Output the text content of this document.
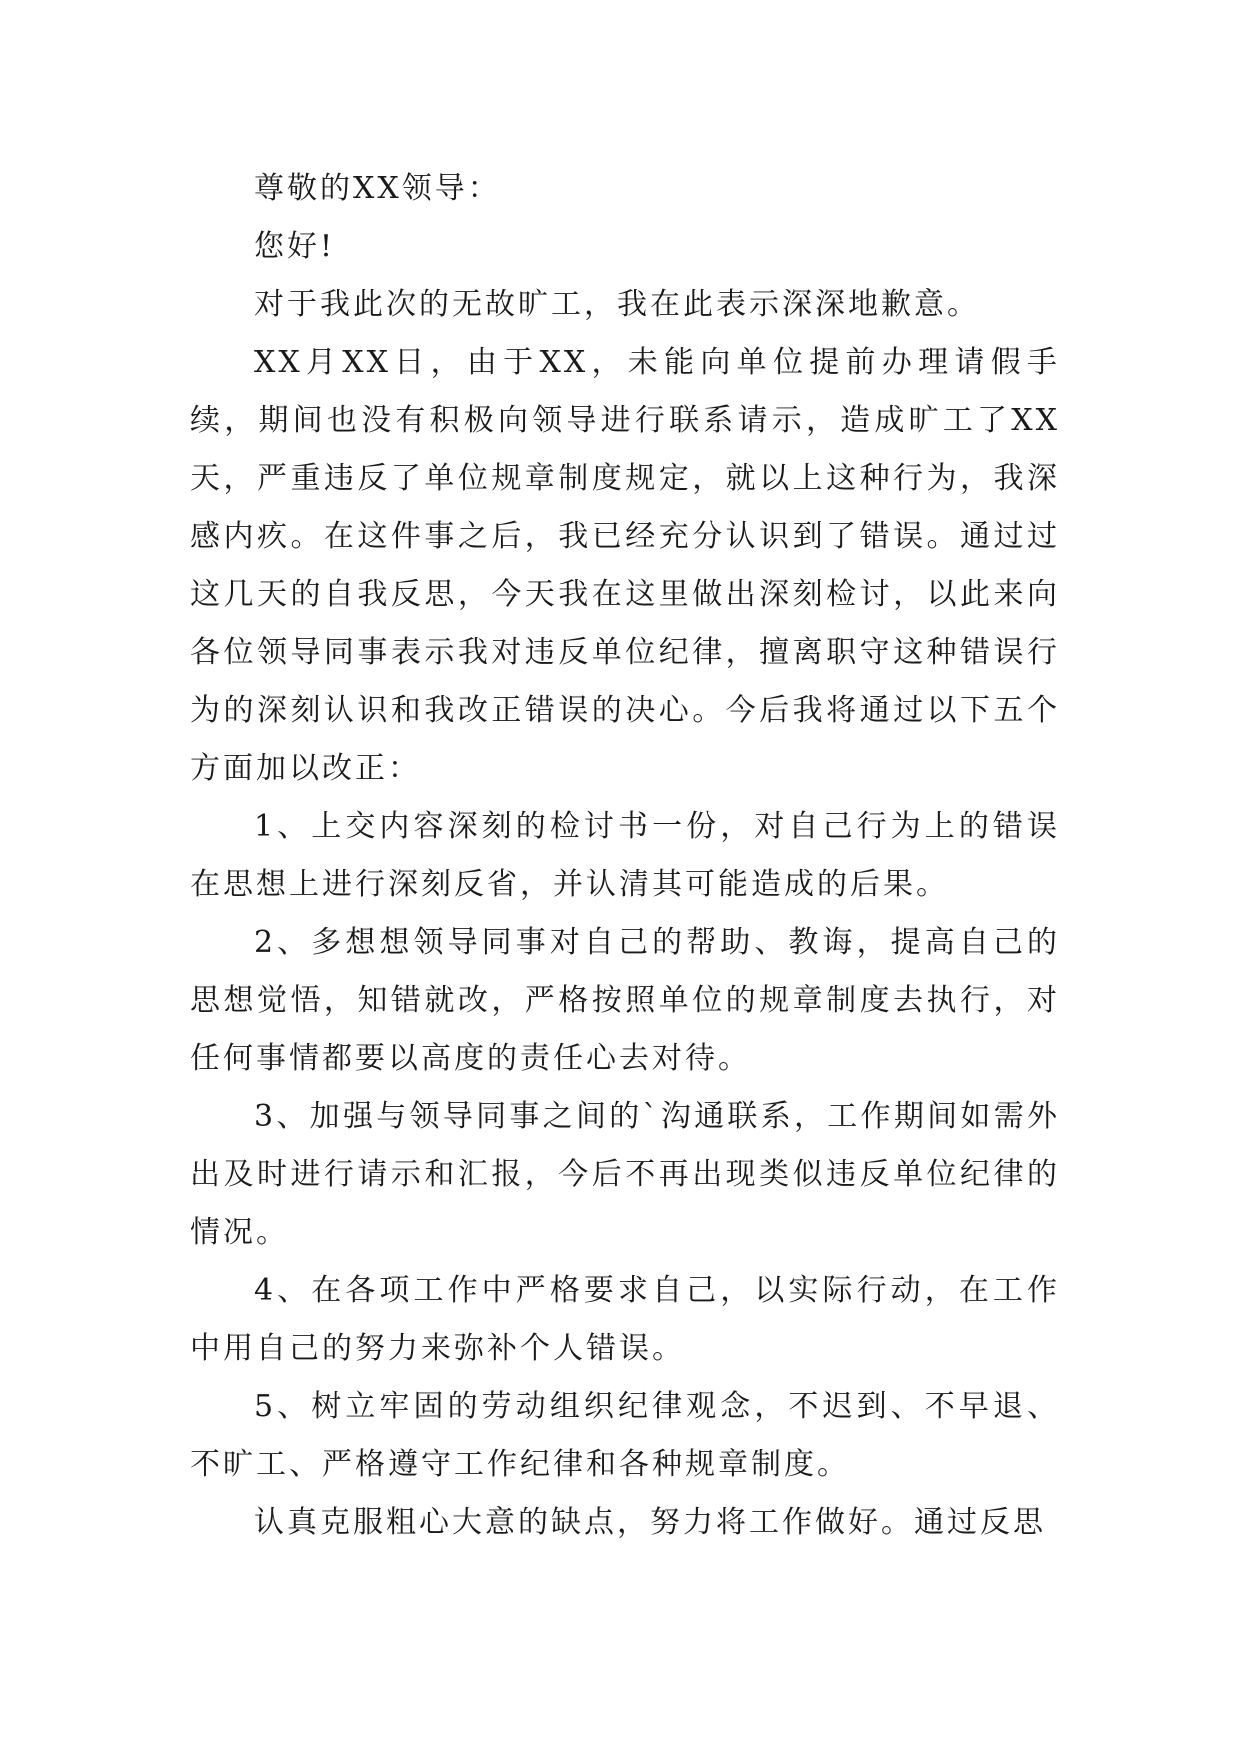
尊敬的XX领导：

您好!

对于我此次的无故旷工，我在此表示深深地歉意。

XX月XX日，由于XX，未能向单位提前办理请假手续，期间也没有积极向领导进行联系请示，造成旷工了XX天，严重违反了单位规章制度规定，就以上这种行为，我深感内疚。在这件事之后，我已经充分认识到了错误。通过过这几天的自我反思，今天我在这里做出深刻检讨，以此来向各位领导同事表示我对违反单位纪律，擅离职守这种错误行为的深刻认识和我改正错误的决心。今后我将通过以下五个方面加以改正：

1、上交内容深刻的检讨书一份，对自己行为上的错误在思想上进行深刻反省，并认清其可能造成的后果。

2、多想想领导同事对自己的帮助、教诲，提高自己的思想觉悟，知错就改，严格按照单位的规章制度去执行，对任何事情都要以高度的责任心去对待。

3、加强与领导同事之间的`沟通联系，工作期间如需外出及时进行请示和汇报，今后不再出现类似违反单位纪律的情况。

4、在各项工作中严格要求自己，以实际行动，在工作中用自己的努力来弥补个人错误。

5、树立牢固的劳动组织纪律观念，不迟到、不早退、不旷工、严格遵守工作纪律和各种规章制度。

认真克服粗心大意的缺点，努力将工作做好。通过反思
